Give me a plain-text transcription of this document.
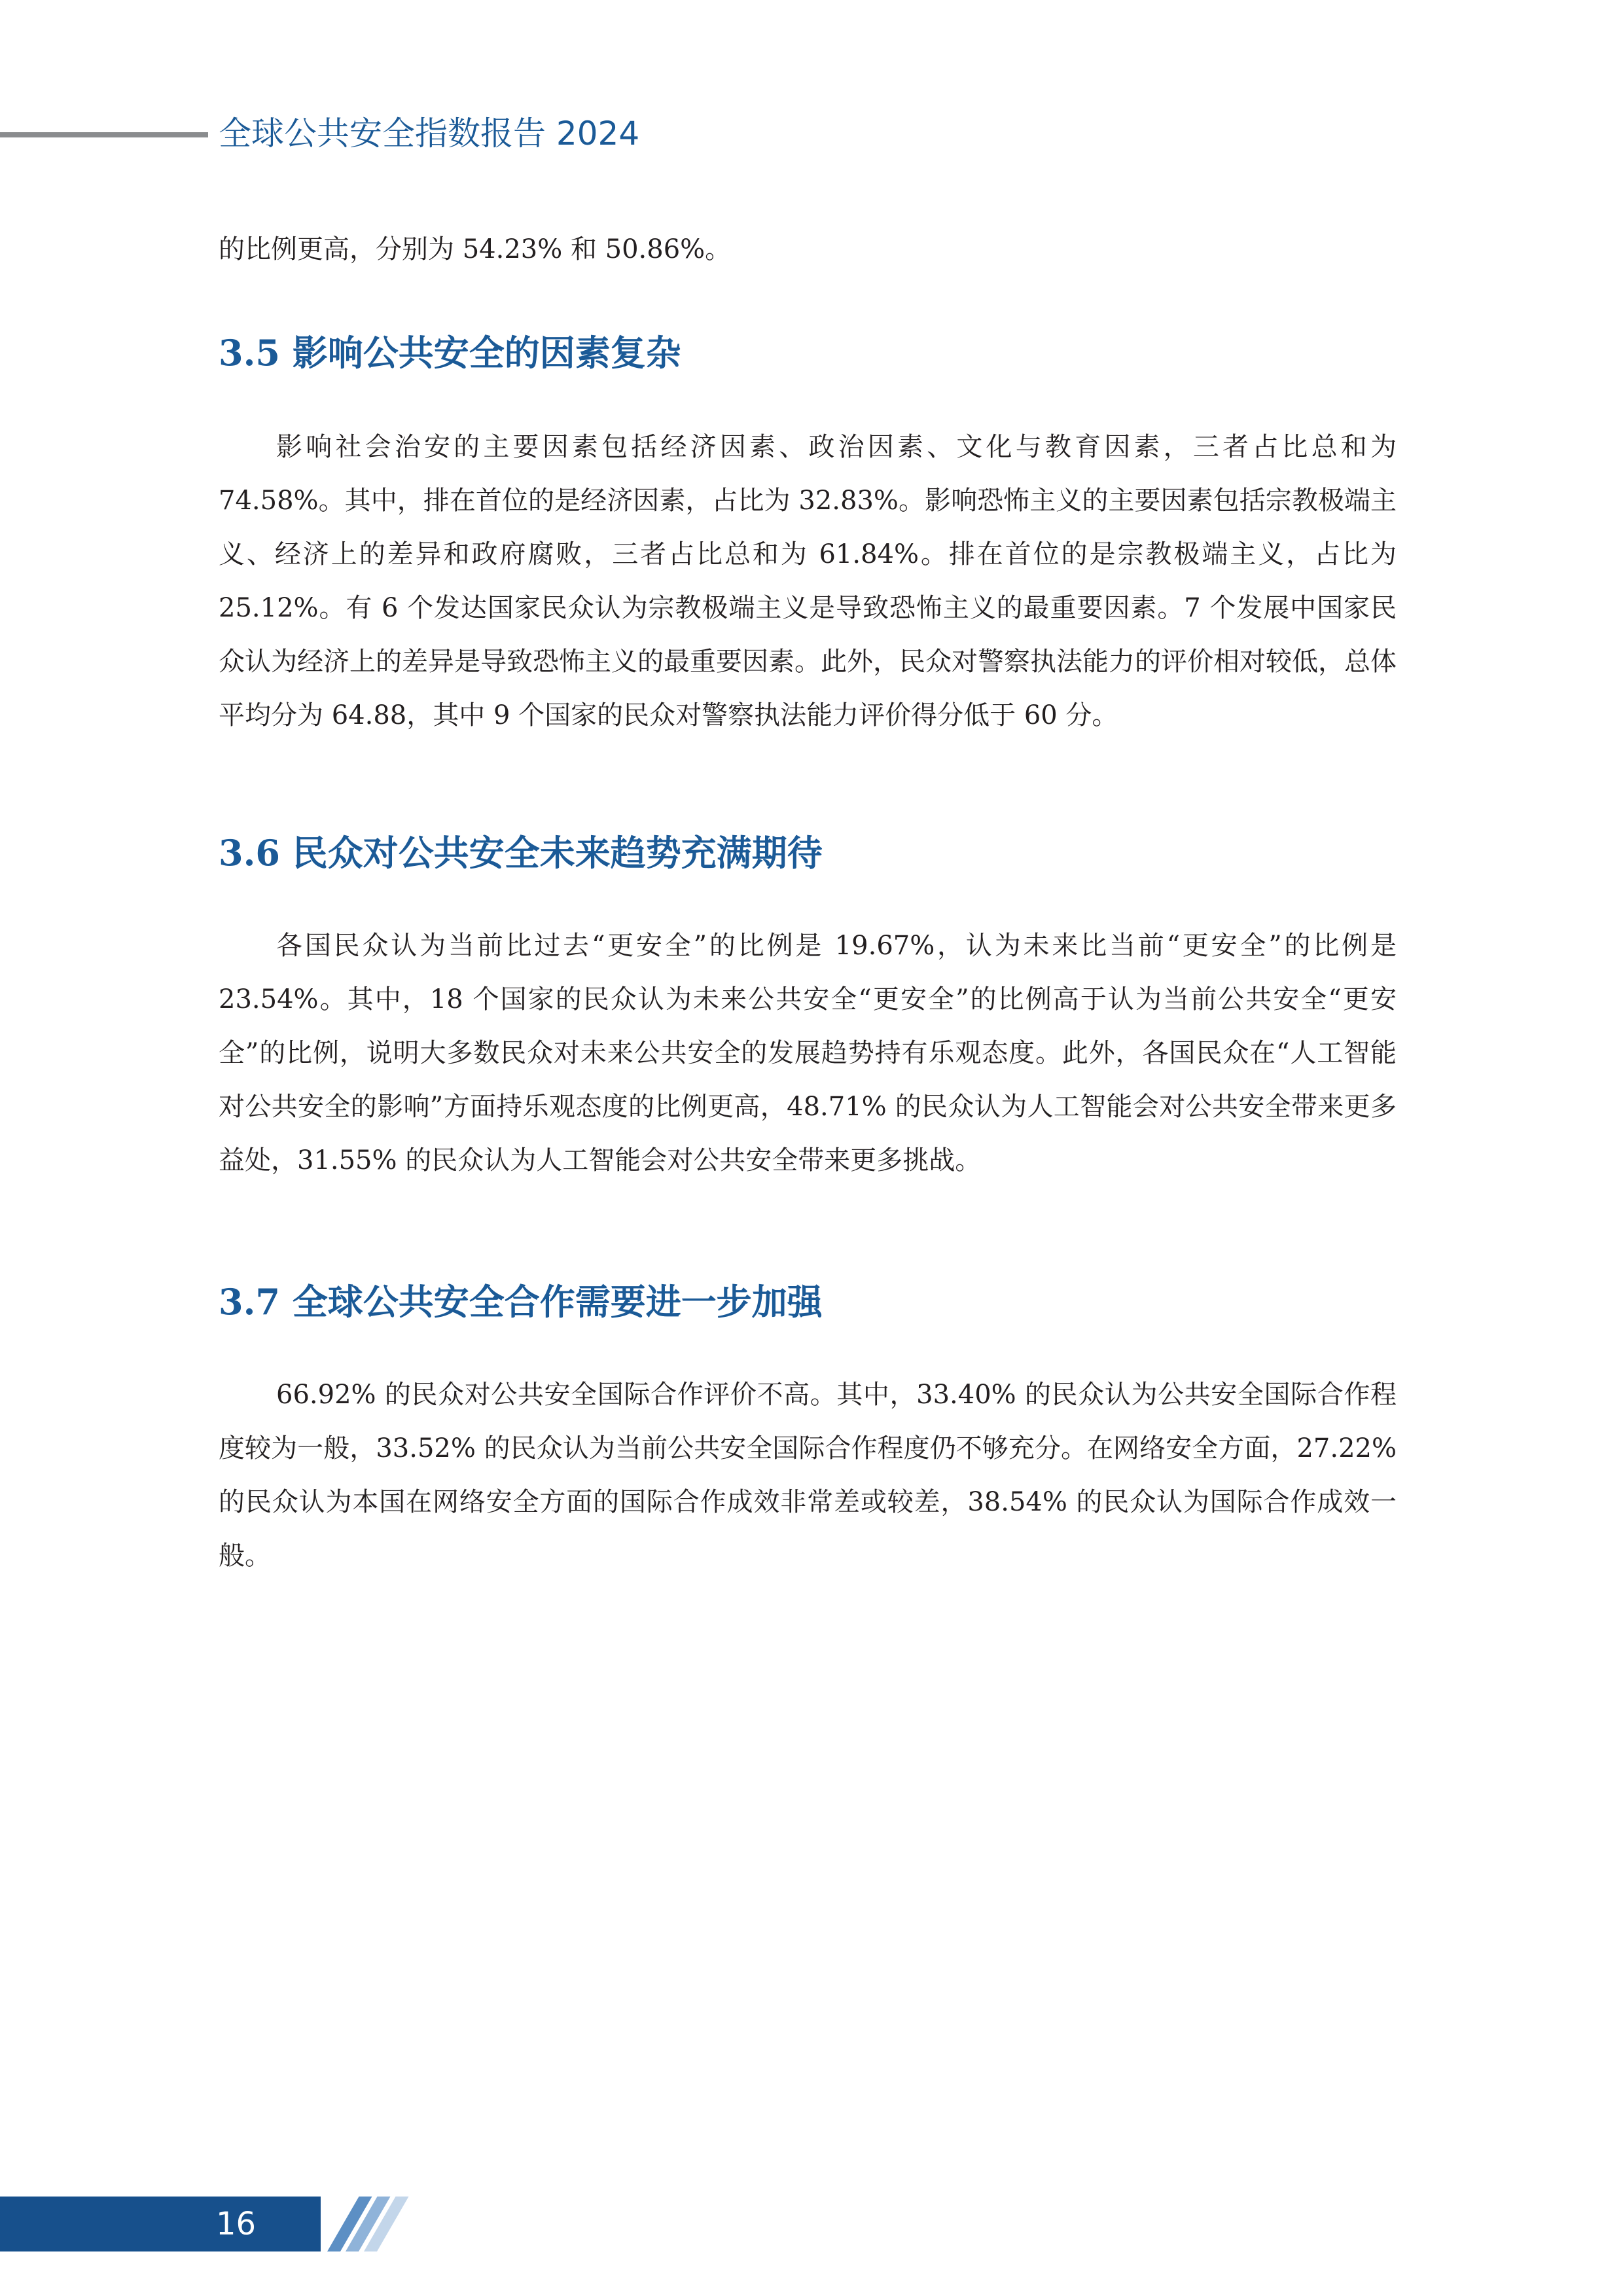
全球公共安全指数报告 2024
的比例更高，分别为 54.23% 和 50.86%。
3.5 影响公共安全的因素复杂
影响社会治安的主要因素包括经济因素、政治因素、文化与教育因素，三者占比总和为 74.58%。其中，排在首位的是经济因素，占比为 32.83%。影响恐怖主义的主要因素包括宗教极端主义、经济上的差异和政府腐败，三者占比总和为 61.84%。排在首位的是宗教极端主义，占比为 25.12%。有 6 个发达国家民众认为宗教极端主义是导致恐怖主义的最重要因素。7 个发展中国家民众认为经济上的差异是导致恐怖主义的最重要因素。此外，民众对警察执法能力的评价相对较低，总体平均分为 64.88，其中 9 个国家的民众对警察执法能力评价得分低于 60 分。
3.6 民众对公共安全未来趋势充满期待
各国民众认为当前比过去“更安全”的比例是 19.67%，认为未来比当前“更安全”的比例是 23.54%。其中，18 个国家的民众认为未来公共安全“更安全”的比例高于认为当前公共安全“更安全”的比例，说明大多数民众对未来公共安全的发展趋势持有乐观态度。此外，各国民众在“人工智能对公共安全的影响”方面持乐观态度的比例更高，48.71% 的民众认为人工智能会对公共安全带来更多益处，31.55% 的民众认为人工智能会对公共安全带来更多挑战。
3.7 全球公共安全合作需要进一步加强
66.92% 的民众对公共安全国际合作评价不高。其中，33.40% 的民众认为公共安全国际合作程度较为一般，33.52% 的民众认为当前公共安全国际合作程度仍不够充分。在网络安全方面，27.22% 的民众认为本国在网络安全方面的国际合作成效非常差或较差，38.54% 的民众认为国际合作成效一般。
16
